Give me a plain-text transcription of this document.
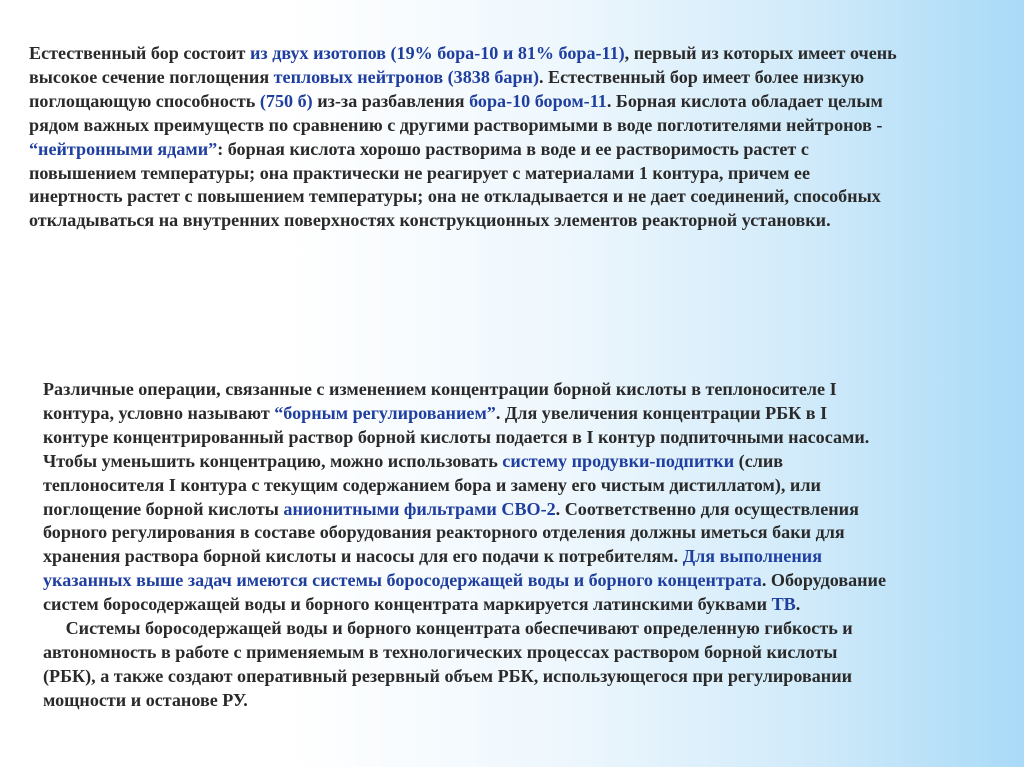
Естественный бор состоит из двух изотопов (19% бора-10 и 81% бора-11), первый из которых имеет очень
высокое сечение поглощения тепловых нейтронов (3838 барн). Естественный бор имеет более низкую
поглощающую способность (750 б) из-за разбавления бора-10 бором-11. Борная кислота обладает целым
рядом важных преимуществ по сравнению с другими растворимыми в воде поглотителями нейтронов -
“нейтронными ядами”: борная кислота хорошо растворима в воде и ее растворимость растет с
повышением температуры; она практически не реагирует с материалами 1 контура, причем ее
инертность растет с повышением температуры; она не откладывается и не дает соединений, способных
откладываться на внутренних поверхностях конструкционных элементов реакторной установки.

Различные операции, связанные с изменением концентрации борной кислоты в теплоносителе I
контура, условно называют “борным регулированием”. Для увеличения концентрации РБК в I
контуре концентрированный раствор борной кислоты подается в I контур подпиточными насосами.
Чтобы уменьшить концентрацию, можно использовать систему продувки-подпитки (слив
теплоносителя I контура с текущим содержанием бора и замену его чистым дистиллатом), или
поглощение борной кислоты анионитными фильтрами СВО-2. Соответственно для осуществления
борного регулирования в составе оборудования реакторного отделения должны иметься баки для
хранения раствора борной кислоты и насосы для его подачи к потребителям. Для выполнения
указанных выше задач имеются системы боросодержащей воды и борного концентрата. Оборудование
систем боросодержащей воды и борного концентрата маркируется латинскими буквами TB.
Системы боросодержащей воды и борного концентрата обеспечивают определенную гибкость и
автономность в работе с применяемым в технологических процессах раствором борной кислоты
(РБК), а также создают оперативный резервный объем РБК, использующегося при регулировании
мощности и останове РУ.
